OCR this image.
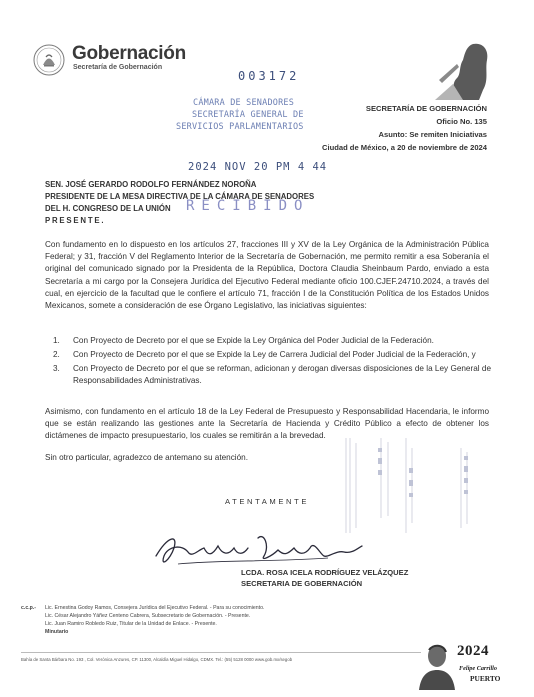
Gobernación
Secretaría de Gobernación
003172
CÁMARA DE SENADORES
SECRETARÍA GENERAL DE
SERVICIOS PARLAMENTARIOS
2024 NOV 20 PM 4 44
RECIBIDO
SECRETARÍA DE GOBERNACIÓN
Oficio No. 135
Asunto: Se remiten Iniciativas
Ciudad de México, a 20 de noviembre de 2024
SEN. JOSÉ GERARDO RODOLFO FERNÁNDEZ NOROÑA
PRESIDENTE DE LA MESA DIRECTIVA DE LA CÁMARA DE SENADORES
DEL H. CONGRESO DE LA UNIÓN
PRESENTE.
Con fundamento en lo dispuesto en los artículos 27, fracciones III y XV de la Ley Orgánica de la Administración Pública Federal; y 31, fracción V del Reglamento Interior de la Secretaría de Gobernación, me permito remitir a esa Soberanía el original del comunicado signado por la Presidenta de la República, Doctora Claudia Sheinbaum Pardo, enviado a esta Secretaría a mi cargo por la Consejera Jurídica del Ejecutivo Federal mediante oficio 100.CJEF.24710.2024, a través del cual, en ejercicio de la facultad que le confiere el artículo 71, fracción I de la Constitución Política de los Estados Unidos Mexicanos, somete a consideración de ese Órgano Legislativo, las iniciativas siguientes:
1.	Con Proyecto de Decreto por el que se Expide la Ley Orgánica del Poder Judicial de la Federación.
2.	Con Proyecto de Decreto por el que se Expide la Ley de Carrera Judicial del Poder Judicial de la Federación, y
3.	Con Proyecto de Decreto por el que se reforman, adicionan y derogan diversas disposiciones de la Ley General de Responsabilidades Administrativas.
Asimismo, con fundamento en el artículo 18 de la Ley Federal de Presupuesto y Responsabilidad Hacendaria, le informo que se están realizando las gestiones ante la Secretaría de Hacienda y Crédito Público a efecto de obtener los dictámenes de impacto presupuestario, los cuales se remitirán a la brevedad.
Sin otro particular, agradezco de antemano su atención.
ATENTAMENTE
LCDA. ROSA ICELA RODRÍGUEZ VELÁZQUEZ
SECRETARIA DE GOBERNACIÓN
c.c.p.- Lic. Ernestina Godoy Ramos, Consejera Jurídica del Ejecutivo Federal. - Para su conocimiento.
Lic. César Alejandro Yáñez Centeno Cabrera, Subsecretario de Gobernación. - Presente.
Lic. Juan Ramiro Robledo Ruiz, Titular de la Unidad de Enlace. - Presente.
Minutario
Bahía de Santa Bárbara No. 193 , Col. Verónica Anzures, CP. 11300, Alcaldía Miguel Hidalgo, CDMX. Tel.: (55) 5128 0000 www.gob.mx/segob
2024
Felipe Carrillo
PUERTO
